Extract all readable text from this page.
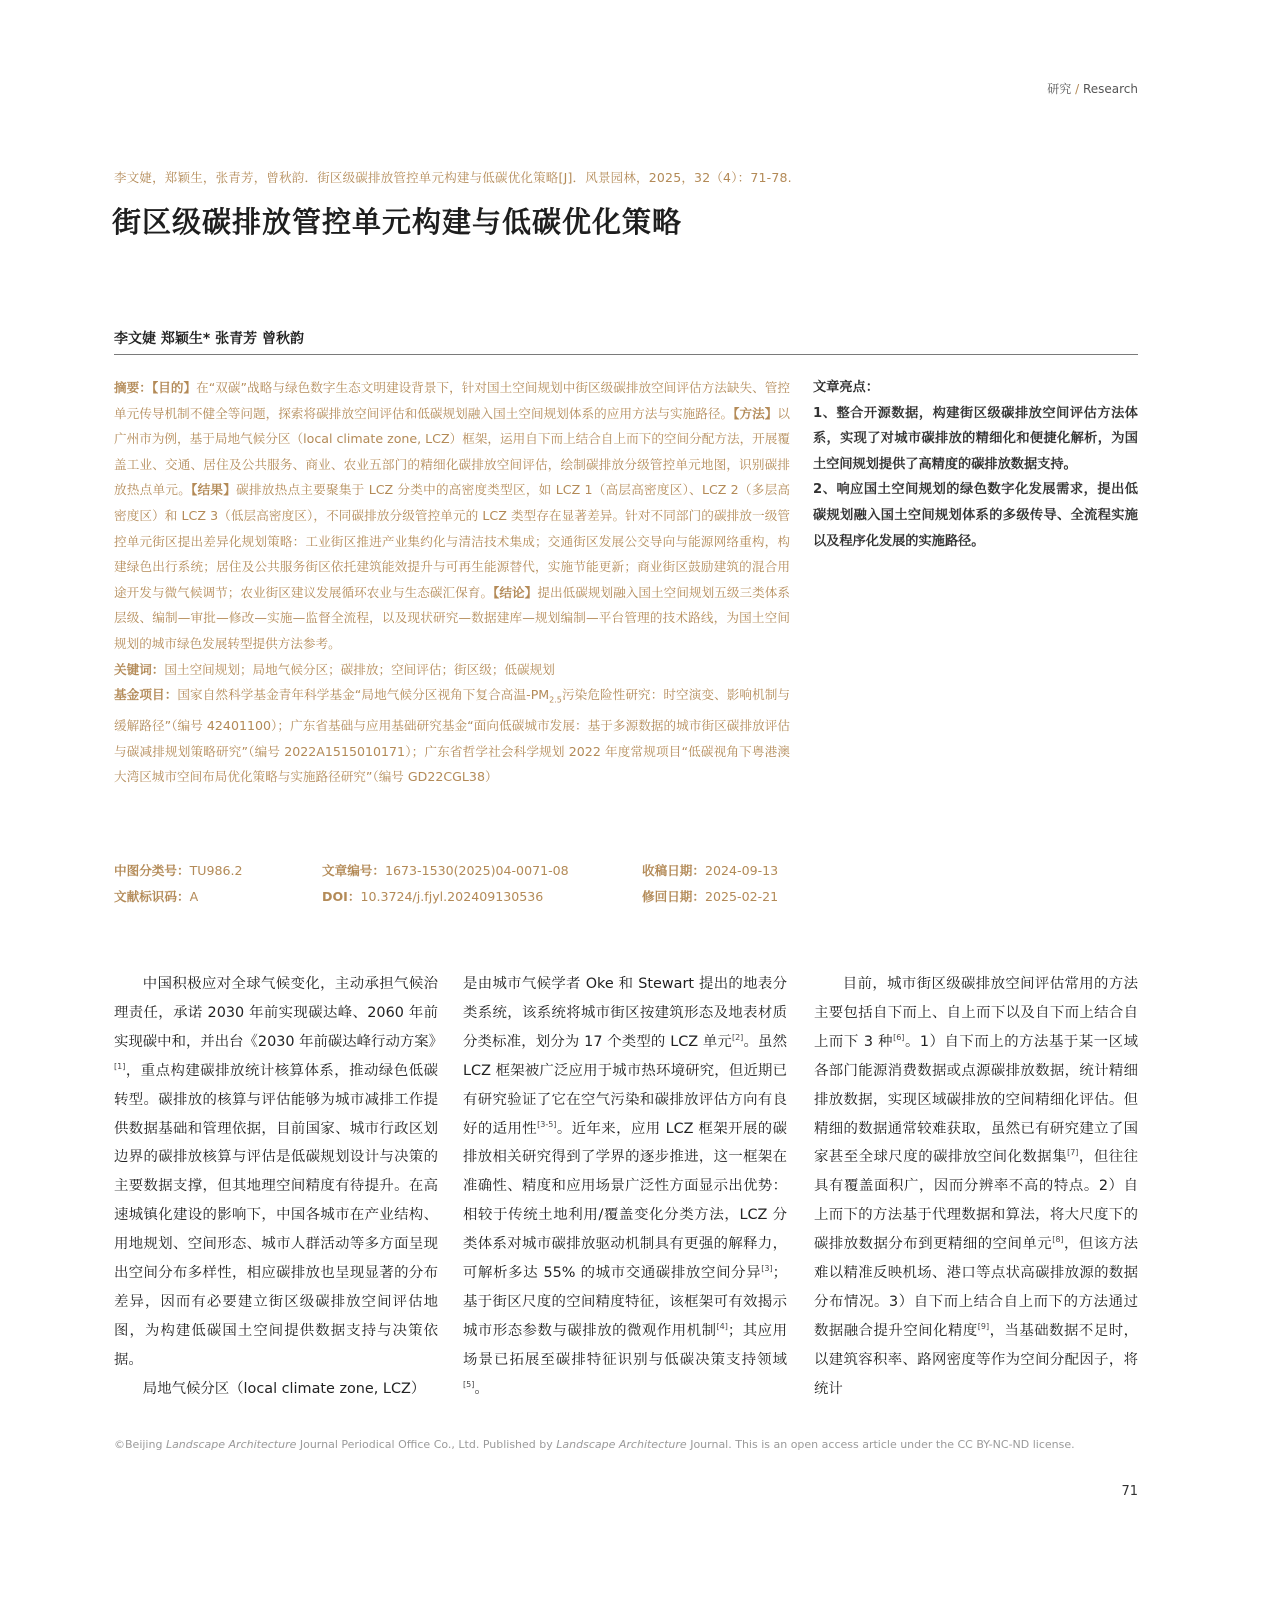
研究 / Research
李文婕，郑颖生，张青芳，曾秋韵．街区级碳排放管控单元构建与低碳优化策略[J]．风景园林，2025，32（4）：71-78.
街区级碳排放管控单元构建与低碳优化策略
李文婕 郑颖生* 张青芳 曾秋韵

摘要：【目的】在“双碳”战略与绿色数字生态文明建设背景下，针对国土空间规划中街区级碳排放空间评估方法缺失、管控单元传导机制不健全等问题，探索将碳排放空间评估和低碳规划融入国土空间规划体系的应用方法与实施路径。【方法】以广州市为例，基于局地气候分区（local climate zone, LCZ）框架，运用自下而上结合自上而下的空间分配方法，开展覆盖工业、交通、居住及公共服务、商业、农业五部门的精细化碳排放空间评估，绘制碳排放分级管控单元地图，识别碳排放热点单元。【结果】碳排放热点主要聚集于 LCZ 分类中的高密度类型区，如 LCZ 1（高层高密度区）、LCZ 2（多层高密度区）和 LCZ 3（低层高密度区），不同碳排放分级管控单元的 LCZ 类型存在显著差异。针对不同部门的碳排放一级管控单元街区提出差异化规划策略：工业街区推进产业集约化与清洁技术集成；交通街区发展公交导向与能源网络重构，构建绿色出行系统；居住及公共服务街区依托建筑能效提升与可再生能源替代，实施节能更新；商业街区鼓励建筑的混合用途开发与微气候调节；农业街区建议发展循环农业与生态碳汇保育。【结论】提出低碳规划融入国土空间规划五级三类体系层级、编制—审批—修改—实施—监督全流程，以及现状研究—数据建库—规划编制—平台管理的技术路线，为国土空间规划的城市绿色发展转型提供方法参考。

关键词：国土空间规划；局地气候分区；碳排放；空间评估；街区级；低碳规划

基金项目：国家自然科学基金青年科学基金“局地气候分区视角下复合高温$-PM_{2.5}$污染危险性研究：时空演变、影响机制与缓解路径”（编号 42401100）；广东省基础与应用基础研究基金“面向低碳城市发展：基于多源数据的城市街区碳排放评估与碳减排规划策略研究”（编号 2022A1515010171）；广东省哲学社会科学规划 2022 年度常规项目“低碳视角下粤港澳大湾区城市空间布局优化策略与实施路径研究”（编号 GD22CGL38）

中图分类号：TU986.2	文章编号：1673-1530(2025)04-0071-08	收稿日期：2024-09-13
文献标识码：A	DOI：10.3724/j.fjyl.202409130536	修回日期：2025-02-21

文章亮点：

1、整合开源数据，构建街区级碳排放空间评估方法体系，实现了对城市碳排放的精细化和便捷化解析，为国土空间规划提供了高精度的碳排放数据支持。

2、响应国土空间规划的绿色数字化发展需求，提出低碳规划融入国土空间规划体系的多级传导、全流程实施以及程序化发展的实施路径。

中国积极应对全球气候变化，主动承担气候治理责任，承诺 2030 年前实现碳达峰、2060 年前实现碳中和，并出台《2030 年前碳达峰行动方案》[1]，重点构建碳排放统计核算体系，推动绿色低碳转型。碳排放的核算与评估能够为城市减排工作提供数据基础和管理依据，目前国家、城市行政区划边界的碳排放核算与评估是低碳规划设计与决策的主要数据支撑，但其地理空间精度有待提升。在高速城镇化建设的影响下，中国各城市在产业结构、用地规划、空间形态、城市人群活动等多方面呈现出空间分布多样性，相应碳排放也呈现显著的分布差异，因而有必要建立街区级碳排放空间评估地图，为构建低碳国土空间提供数据支持与决策依据。

局地气候分区（local climate zone, LCZ）

是由城市气候学者 Oke 和 Stewart 提出的地表分类系统，该系统将城市街区按建筑形态及地表材质分类标准，划分为 17 个类型的 LCZ 单元[2]。虽然 LCZ 框架被广泛应用于城市热环境研究，但近期已有研究验证了它在空气污染和碳排放评估方向有良好的适用性[3-5]。近年来，应用 LCZ 框架开展的碳排放相关研究得到了学界的逐步推进，这一框架在准确性、精度和应用场景广泛性方面显示出优势：相较于传统土地利用/覆盖变化分类方法，LCZ 分类体系对城市碳排放驱动机制具有更强的解释力，可解析多达 55% 的城市交通碳排放空间分异[3]；基于街区尺度的空间精度特征，该框架可有效揭示城市形态参数与碳排放的微观作用机制[4]；其应用场景已拓展至碳排特征识别与低碳决策支持领域[5]。

目前，城市街区级碳排放空间评估常用的方法主要包括自下而上、自上而下以及自下而上结合自上而下 3 种[6]。1）自下而上的方法基于某一区域各部门能源消费数据或点源碳排放数据，统计精细排放数据，实现区域碳排放的空间精细化评估。但精细的数据通常较难获取，虽然已有研究建立了国家甚至全球尺度的碳排放空间化数据集[7]，但往往具有覆盖面积广，因而分辨率不高的特点。2）自上而下的方法基于代理数据和算法，将大尺度下的碳排放数据分布到更精细的空间单元[8]，但该方法难以精准反映机场、港口等点状高碳排放源的数据分布情况。3）自下而上结合自上而下的方法通过数据融合提升空间化精度[9]，当基础数据不足时，以建筑容积率、路网密度等作为空间分配因子，将统计

©Beijing Landscape Architecture Journal Periodical Office Co., Ltd. Published by Landscape Architecture Journal. This is an open access article under the CC BY-NC-ND license.
71
